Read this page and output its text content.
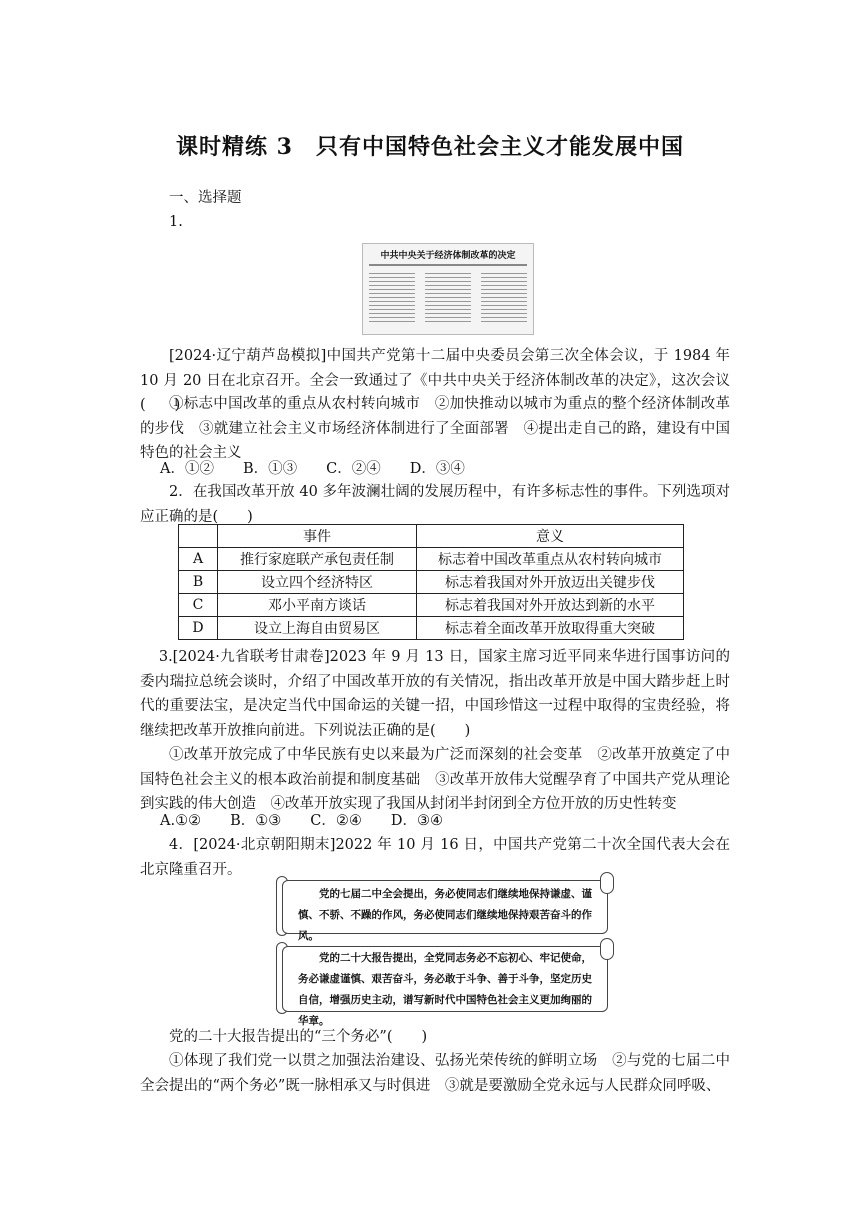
课时精练 3　只有中国特色社会主义才能发展中国

一、选择题

1.

中共中央关于经济体制改革的决定

[2024·辽宁葫芦岛模拟]中国共产党第十二届中央委员会第三次全体会议，于 1984 年 10 月 20 日在北京召开。全会一致通过了《中共中央关于经济体制改革的决定》，这次会议(　　)

①标志中国改革的重点从农村转向城市　②加快推动以城市为重点的整个经济体制改革的步伐　③就建立社会主义市场经济体制进行了全面部署　④提出走自己的路，建设有中国特色的社会主义

A．①②　　B．①③　　C．②④　　D．③④

2．在我国改革开放 40 多年波澜壮阔的发展历程中，有许多标志性的事件。下列选项对应正确的是(　　)

	事件	意义
A	推行家庭联产承包责任制	标志着中国改革重点从农村转向城市
B	设立四个经济特区	标志着我国对外开放迈出关键步伐
C	邓小平南方谈话	标志着我国对外开放达到新的水平
D	设立上海自由贸易区	标志着全面改革开放取得重大突破

3.[2024·九省联考甘肃卷]2023 年 9 月 13 日，国家主席习近平同来华进行国事访问的委内瑞拉总统会谈时，介绍了中国改革开放的有关情况，指出改革开放是中国大踏步赶上时代的重要法宝，是决定当代中国命运的关键一招，中国珍惜这一过程中取得的宝贵经验，将继续把改革开放推向前进。下列说法正确的是(　　)

①改革开放完成了中华民族有史以来最为广泛而深刻的社会变革　②改革开放奠定了中国特色社会主义的根本政治前提和制度基础　③改革开放伟大觉醒孕育了中国共产党从理论到实践的伟大创造　④改革开放实现了我国从封闭半封闭到全方位开放的历史性转变

A.①②　　B．①③　　C．②④　　D．③④

4．[2024·北京朝阳期末]2022 年 10 月 16 日，中国共产党第二十次全国代表大会在北京隆重召开。

党的七届二中全会提出，务必使同志们继续地保持谦虚、谨慎、不骄、不躁的作风，务必使同志们继续地保持艰苦奋斗的作风。
党的二十大报告提出，全党同志务必不忘初心、牢记使命，务必谦虚谨慎、艰苦奋斗，务必敢于斗争、善于斗争，坚定历史自信，增强历史主动，谱写新时代中国特色社会主义更加绚丽的华章。

党的二十大报告提出的“三个务必”(　　)

①体现了我们党一以贯之加强法治建设、弘扬光荣传统的鲜明立场　②与党的七届二中全会提出的“两个务必”既一脉相承又与时俱进　③就是要激励全党永远与人民群众同呼吸、
